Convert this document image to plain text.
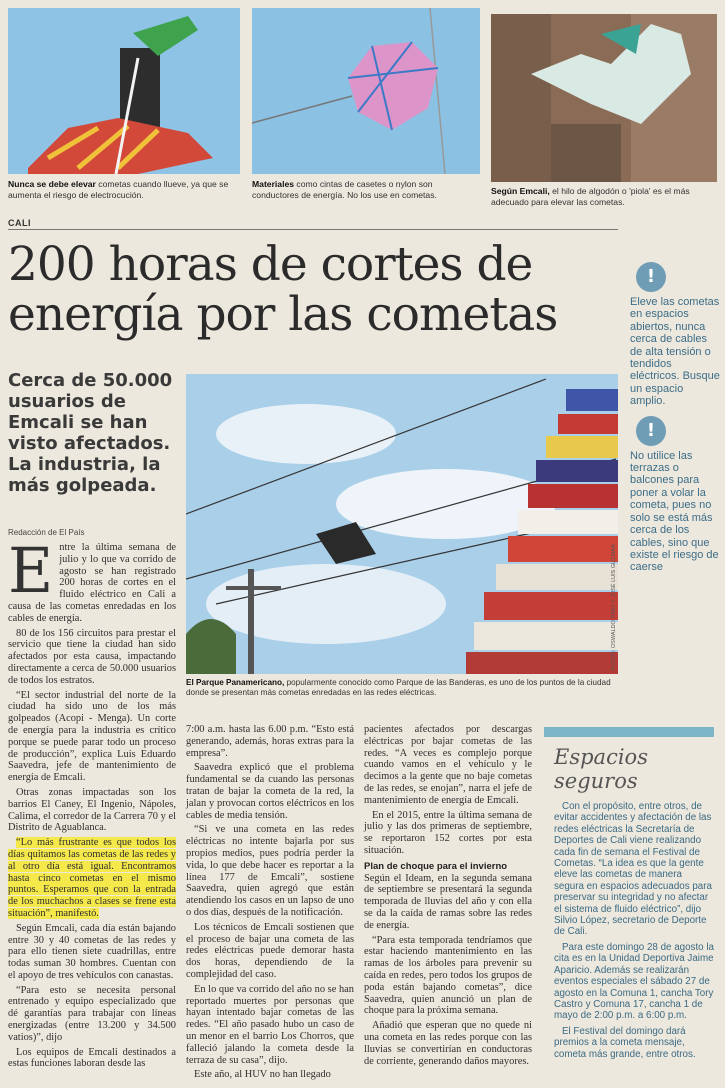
Nunca se debe elevar cometas cuando llueve, ya que se aumenta el riesgo de electrocución.
Materiales como cintas de casetes o nylon son conductores de energía. No los use en cometas.	Según Emcali, el hilo de algodón o 'piola' es el más adecuado para elevar las cometas.
CALI
200 horas de cortes de
energía por las cometas
Cerca de 50.000 usuarios de Emcali se han visto afectados. La industria, la más golpeada.
Redacción de El País
FOTOS: OSWALDO PÁEZ Y JOSÉ LUIS GUZMÁN
El Parque Panamericano, popularmente conocido como Parque de las Banderas, es uno de los puntos de la ciudad donde se presentan más cometas enredadas en las redes eléctricas.
!
Eleve las cometas en espacios abiertos, nunca cerca de cables de alta tensión o tendidos eléctricos. Busque un espacio amplio.
!
No utilice las terrazas o balcones para poner a volar la cometa, pues no solo se está más cerca de los cables, sino que existe el riesgo de caerse

Entre la última semana de julio y lo que va corrido de agosto se han registrado 200 horas de cortes en el fluido eléctrico en Cali a causa de las cometas enredadas en los cables de energía.

80 de los 156 circuitos para prestar el servicio que tiene la ciudad han sido afectados por esta causa, impactando directamente a cerca de 50.000 usuarios de todos los estratos.

“El sector industrial del norte de la ciudad ha sido uno de los más golpeados (Acopi - Menga). Un corte de energía para la industria es crítico porque se puede parar todo un proceso de producción”, explica Luis Eduardo Saavedra, jefe de mantenimiento de energía de Emcali.

Otras zonas impactadas son los barrios El Caney, El Ingenio, Nápoles, Calima, el corredor de la Carrera 70 y el Distrito de Aguablanca.

“Lo más frustrante es que todos los días quitamos las cometas de las redes y al otro día está igual. Encontramos hasta cinco cometas en el mismo puntos. Esperamos que con la entrada de los muchachos a clases se frene esta situación”, manifestó.

Según Emcali, cada día están bajando entre 30 y 40 cometas de las redes y para ello tienen siete cuadrillas, entre todas suman 30 hombres. Cuentan con el apoyo de tres vehículos con canastas.

“Para esto se necesita personal entrenado y equipo especializado que dé garantías para trabajar con líneas energizadas (entre 13.200 y 34.500 vatios)”, dijo

Los equipos de Emcali destinados a estas funciones laboran desde las

7:00 a.m. hasta las 6.00 p.m. “Esto está generando, además, horas extras para la empresa”.

Saavedra explicó que el problema fundamental se da cuando las personas tratan de bajar la cometa de la red, la jalan y provocan cortos eléctricos en los cables de media tensión.

“Si ve una cometa en las redes eléctricas no intente bajarla por sus propios medios, pues podría perder la vida, lo que debe hacer es reportar a la línea 177 de Emcali”, sostiene Saavedra, quien agregó que están atendiendo los casos en un lapso de uno o dos días, después de la notificación.

Los técnicos de Emcali sostienen que el proceso de bajar una cometa de las redes eléctricas puede demorar hasta dos horas, dependiendo de la complejidad del caso.

En lo que va corrido del año no se han reportado muertes por personas que hayan intentado bajar cometas de las redes. “El año pasado hubo un caso de un menor en el barrio Los Chorros, que falleció jalando la cometa desde la terraza de su casa”, dijo.

Este año, al HUV no han llegado

pacientes afectados por descargas eléctricas por bajar cometas de las redes. “A veces es complejo porque cuando vamos en el vehículo y le decimos a la gente que no baje cometas de las redes, se enojan”, narra el jefe de mantenimiento de energía de Emcali.

En el 2015, entre la última semana de julio y las dos primeras de septiembre, se reportaron 152 cortes por esta situación.

Plan de choque para el invierno

Según el Ideam, en la segunda semana de septiembre se presentará la segunda temporada de lluvias del año y con ella se da la caída de ramas sobre las redes de energía.

“Para esta temporada tendríamos que estar haciendo mantenimiento en las ramas de los árboles para prevenir su caída en redes, pero todos los grupos de poda están bajando cometas”, dice Saavedra, quien anunció un plan de choque para la próxima semana.

Añadió que esperan que no quede ni una cometa en las redes porque con las lluvias se convertirían en conductoras de corriente, generando daños mayores.

Espacios seguros

Con el propósito, entre otros, de evitar accidentes y afectación de las redes eléctricas la Secretaría de Deportes de Cali viene realizando cada fin de semana el Festival de Cometas. “La idea es que la gente eleve las cometas de manera segura en espacios adecuados para preservar su integridad y no afectar el sistema de fluido eléctrico”, dijo Silvio López, secretario de Deporte de Cali.

Para este domingo 28 de agosto la cita es en la Unidad Deportiva Jaime Aparicio. Además se realizarán eventos especiales el sábado 27 de agosto en la Comuna 1, cancha Tory Castro y Comuna 17, cancha 1 de mayo de 2:00 p.m. a 6:00 p.m.

El Festival del domingo dará premios a la cometa mensaje, cometa más grande, entre otros.
